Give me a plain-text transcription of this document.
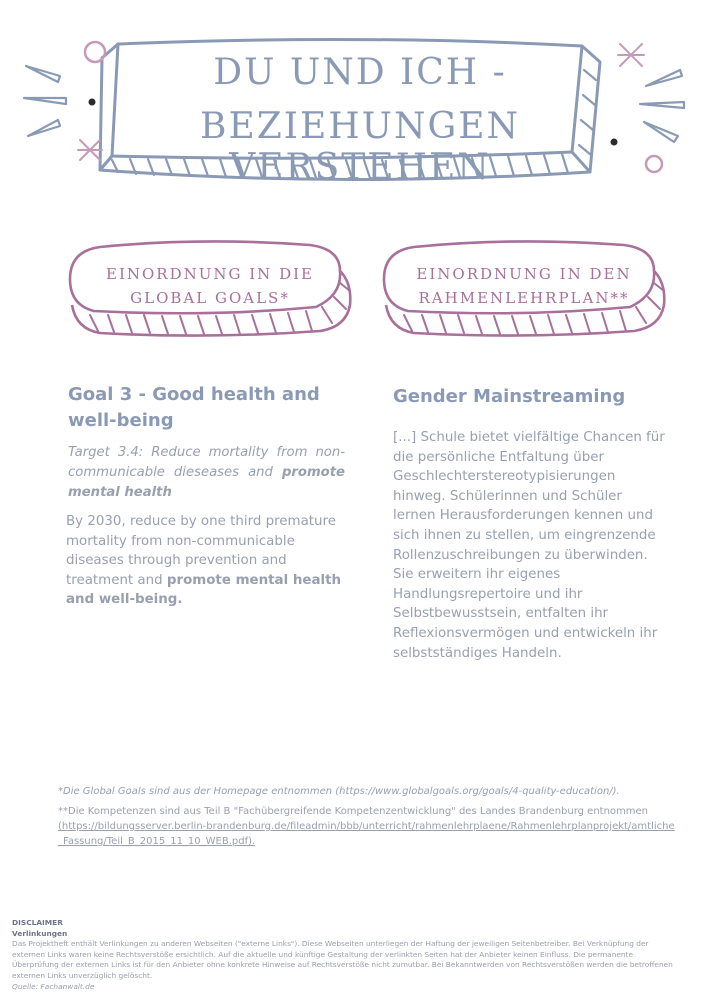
DU UND ICH -
BEZIEHUNGEN VERSTEHEN
EINORDNUNG IN DIE
GLOBAL GOALS*
EINORDNUNG IN DEN
RAHMENLEHRPLAN**
Goal 3 - Good health and
well-being
Target 3.4: Reduce mortality from non-communicable dieseases and promote mental health
By 2030, reduce by one third premature mortality from non-communicable diseases through prevention and treatment and promote mental health and well-being.
Gender Mainstreaming
[...] Schule bietet vielfältige Chancen für die persönliche Entfaltung über Geschlechterstereotypisierungen hinweg. Schülerinnen und Schüler lernen Herausforderungen kennen und sich ihnen zu stellen, um eingrenzende Rollenzuschreibungen zu überwinden. Sie erweitern ihr eigenes Handlungsrepertoire und ihr Selbstbewusstsein, entfalten ihr Reflexionsvermögen und entwickeln ihr selbstständiges Handeln.
*Die Global Goals sind aus der Homepage entnommen (https://www.globalgoals.org/goals/4-quality-education/).
**Die Kompetenzen sind aus Teil B "Fachübergreifende Kompetenzentwicklung" des Landes Brandenburg entnommen
(https://bildungsserver.berlin-brandenburg.de/fileadmin/bbb/unterricht/rahmenlehrplaene/Rahmenlehrplanprojekt/amtliche_Fassung/Teil_B_2015_11_10_WEB.pdf).
DISCLAIMER
Verlinkungen
Das Projektheft enthält Verlinkungen zu anderen Webseiten ("externe Links"). Diese Webseiten unterliegen der Haftung der jeweiligen Seitenbetreiber. Bei Verknüpfung der externen Links waren keine Rechtsverstöße ersichtlich. Auf die aktuelle und künftige Gestaltung der verlinkten Seiten hat der Anbieter keinen Einfluss. Die permanente Überprüfung der externen Links ist für den Anbieter ohne konkrete Hinweise auf Rechtsverstöße nicht zumutbar. Bei Bekanntwerden von Rechtsverstößen werden die betroffenen externen Links unverzüglich gelöscht.
Quelle: Fachanwalt.de
